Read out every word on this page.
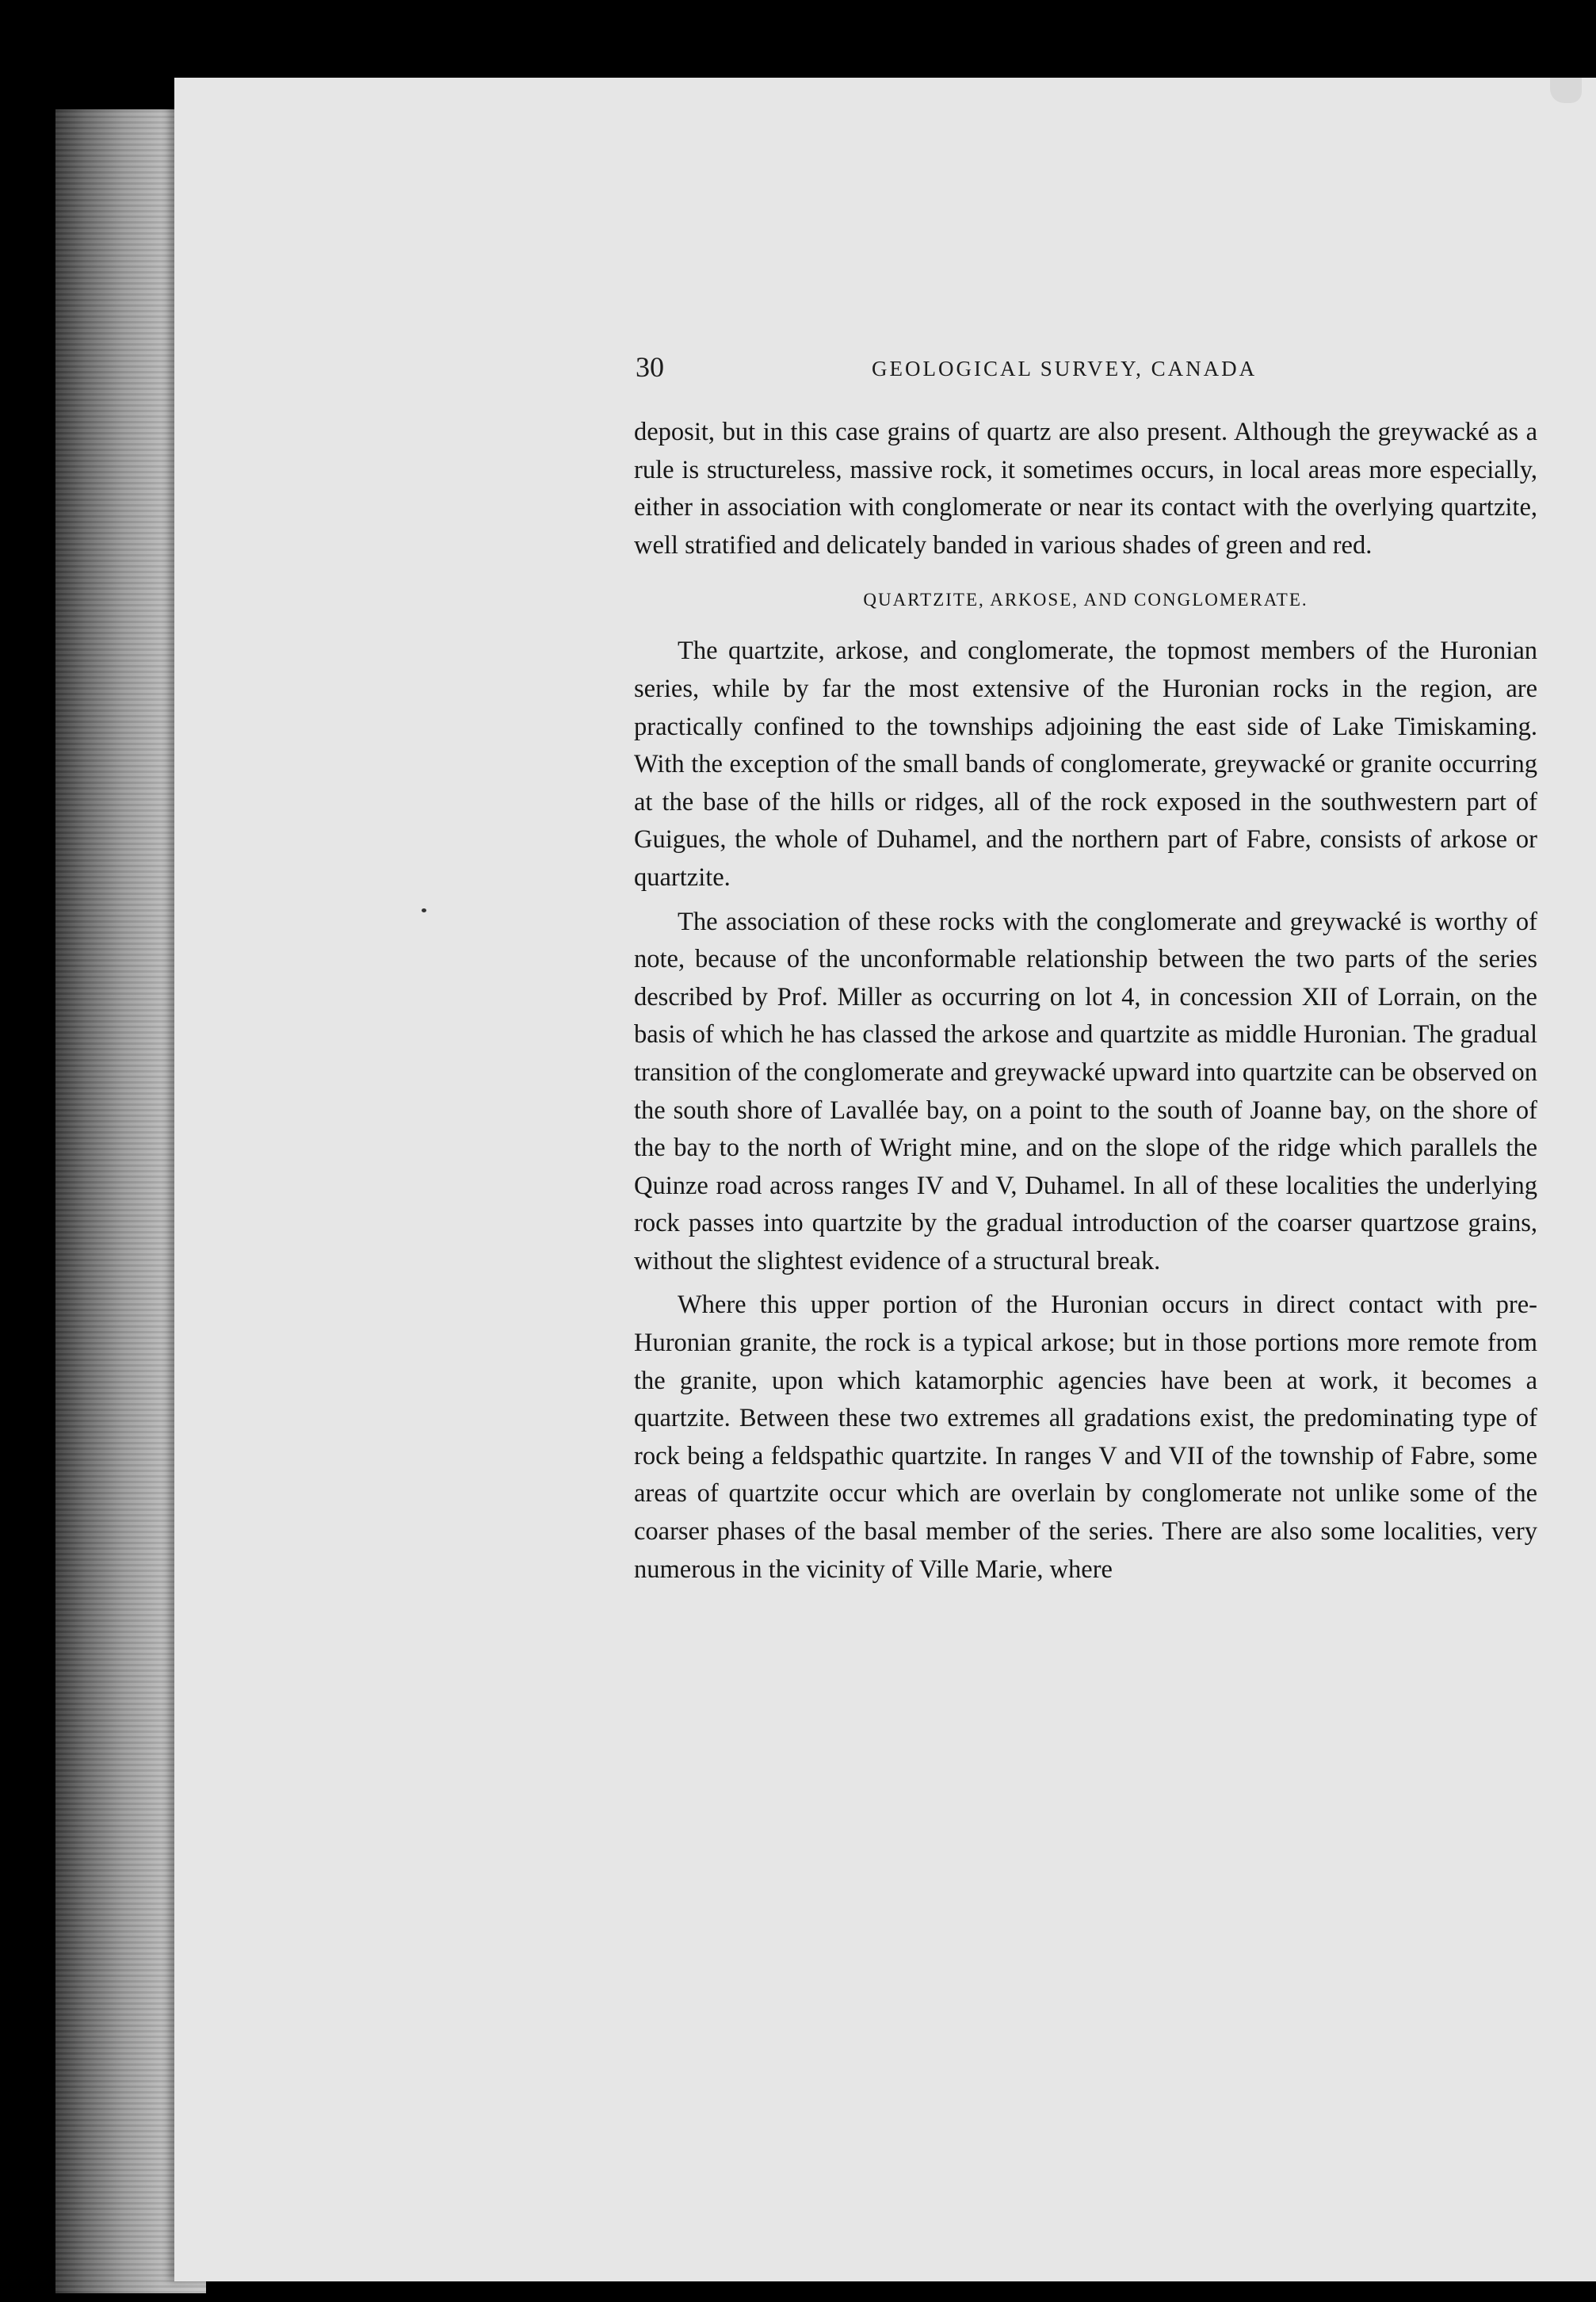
30	GEOLOGICAL SURVEY, CANADA

deposit, but in this case grains of quartz are also present. Although the greywacké as a rule is structureless, massive rock, it sometimes occurs, in local areas more especially, either in association with conglomerate or near its contact with the overlying quartzite, well stratified and delicately banded in various shades of green and red.

QUARTZITE, ARKOSE, AND CONGLOMERATE.

The quartzite, arkose, and conglomerate, the topmost members of the Huronian series, while by far the most extensive of the Huronian rocks in the region, are practically confined to the townships adjoining the east side of Lake Timiskaming. With the exception of the small bands of conglomerate, greywacké or granite occurring at the base of the hills or ridges, all of the rock exposed in the southwestern part of Guigues, the whole of Duhamel, and the northern part of Fabre, consists of arkose or quartzite.

The association of these rocks with the conglomerate and greywacké is worthy of note, because of the unconformable relationship between the two parts of the series described by Prof. Miller as occurring on lot 4, in concession XII of Lorrain, on the basis of which he has classed the arkose and quartzite as middle Huronian. The gradual transition of the conglomerate and greywacké upward into quartzite can be observed on the south shore of Lavallée bay, on a point to the south of Joanne bay, on the shore of the bay to the north of Wright mine, and on the slope of the ridge which parallels the Quinze road across ranges IV and V, Duhamel. In all of these localities the underlying rock passes into quartzite by the gradual introduction of the coarser quartzose grains, without the slightest evidence of a structural break.

Where this upper portion of the Huronian occurs in direct contact with pre-Huronian granite, the rock is a typical arkose; but in those portions more remote from the granite, upon which katamorphic agencies have been at work, it becomes a quartzite. Between these two extremes all gradations exist, the predominating type of rock being a feldspathic quartzite. In ranges V and VII of the township of Fabre, some areas of quartzite occur which are overlain by conglomerate not unlike some of the coarser phases of the basal member of the series. There are also some localities, very numerous in the vicinity of Ville Marie, where
